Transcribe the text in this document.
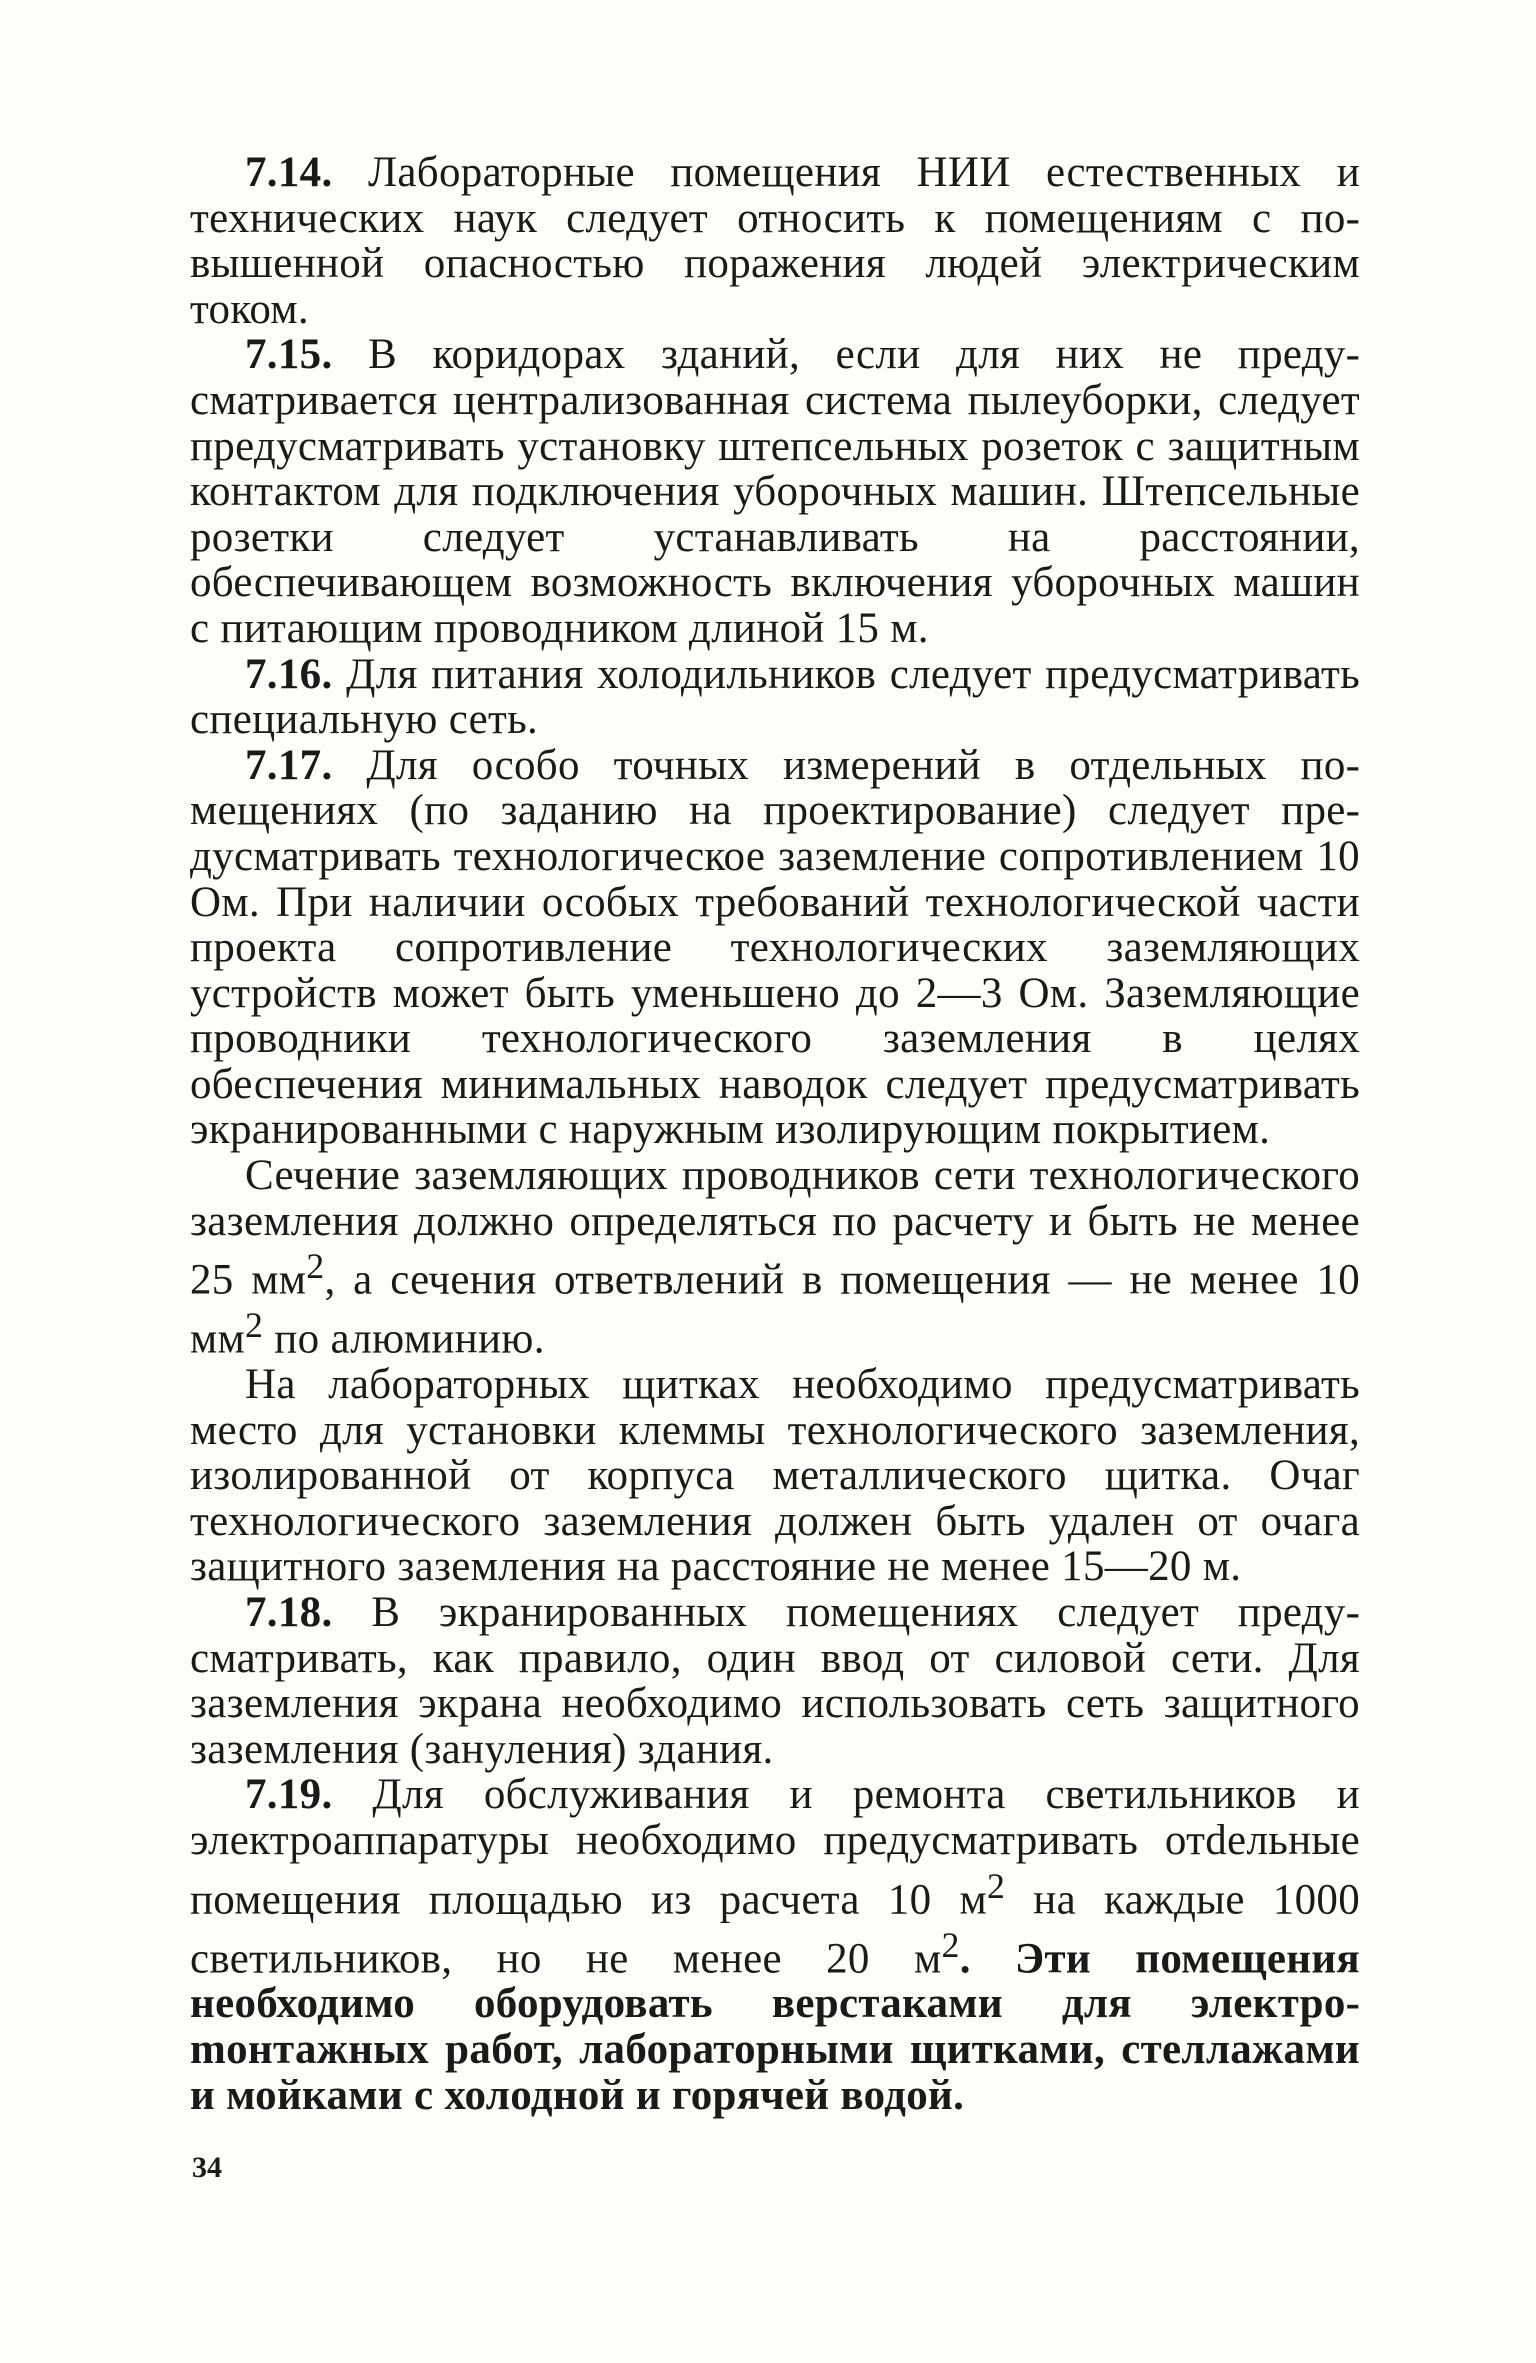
7.14. Лабораторные помещения НИИ естественных и технических наук следует относить к помещениям с повышенной опасностью поражения людей электрическим током.

7.15. В коридорах зданий, если для них не предусматривается централизованная система пылеуборки, следует предусматривать установку штепсельных розеток с защитным контактом для подключения уборочных машин. Штепсельные розетки следует устанавливать на расстоянии, обеспечивающем возможность включения уборочных машин с питающим проводником длиной 15 м.

7.16. Для питания холодильников следует предусматривать специальную сеть.

7.17. Для особо точных измерений в отдельных помещениях (по заданию на проектирование) следует предусматривать технологическое заземление сопротивлением 10 Ом. При наличии особых требований технологической части проекта сопротивление технологических заземляющих устройств может быть уменьшено до 2—3 Ом. Заземляющие проводники технологического заземления в целях обеспечения минимальных наводок следует предусматривать экранированными с наружным изолирующим покрытием.

Сечение заземляющих проводников сети технологического заземления должно определяться по расчету и быть не менее 25 $мм^2$, а сечения ответвлений в помещения — не менее 10 $мм^2$ по алюминию.

На лабораторных щитках необходимо предусматривать место для установки клеммы технологического заземления, изолированной от корпуса металлического щитка. Очаг технологического заземления должен быть удален от очага защитного заземления на расстояние не менее 15—20 м.

7.18. В экранированных помещениях следует предусматривать, как правило, один ввод от силовой сети. Для заземления экрана необходимо использовать сеть защитного заземления (зануления) здания.

7.19. Для обслуживания и ремонта светильников и электроаппаратуры необходимо предусматривать отdельные помещения площадью из расчета 10 $м^2$ на каждые 1000 светильников, но не менее 20 $м^2$. Эти помещения необходимо оборудовать верстаками для электроmонтажных работ, лабораторными щитками, стеллажами и мойками с холодной и горячей водой.

34
